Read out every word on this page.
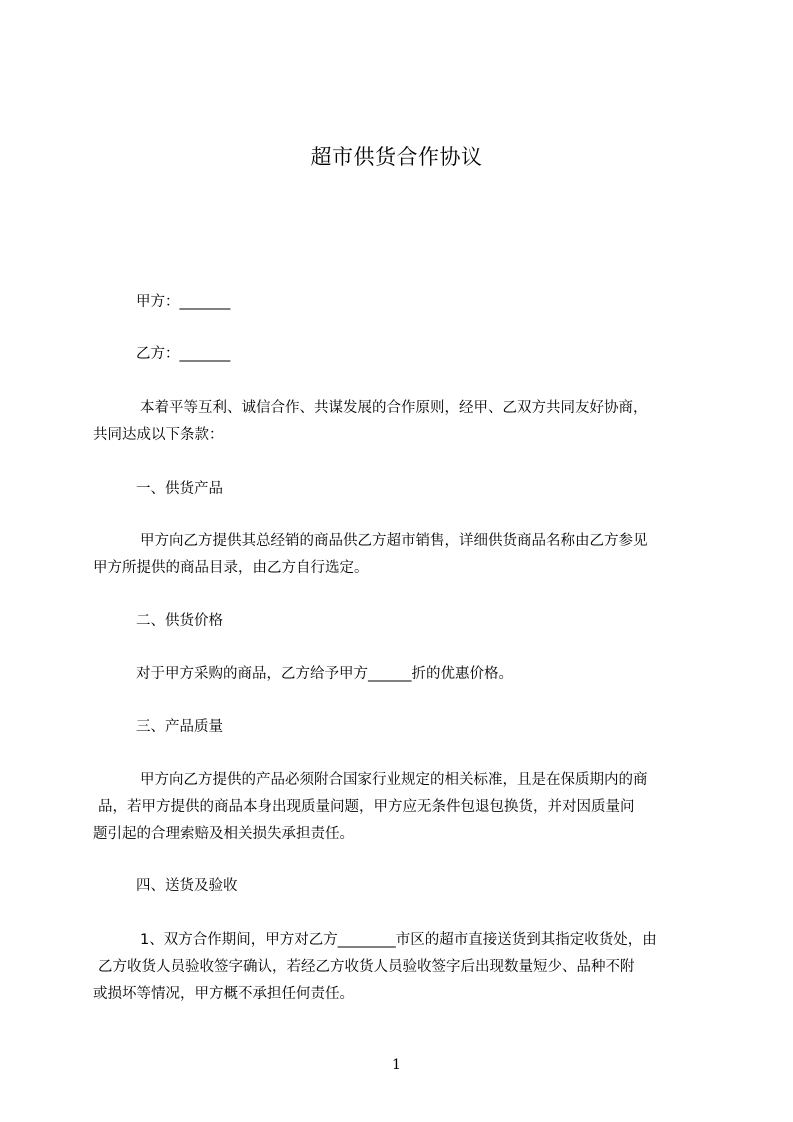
超市供货合作协议
甲方：_______
乙方：_______
本着平等互利、诚信合作、共谋发展的合作原则，经甲、乙双方共同友好协商，
共同达成以下条款：
一、供货产品
甲方向乙方提供其总经销的商品供乙方超市销售，详细供货商品名称由乙方参见
甲方所提供的商品目录，由乙方自行选定。
二、供货价格
对于甲方采购的商品，乙方给予甲方______折的优惠价格。
三、产品质量
甲方向乙方提供的产品必须附合国家行业规定的相关标准，且是在保质期内的商
品，若甲方提供的商品本身出现质量问题，甲方应无条件包退包换货，并对因质量问
题引起的合理索赔及相关损失承担责任。
四、送货及验收
1、双方合作期间，甲方对乙方________市区的超市直接送货到其指定收货处，由
乙方收货人员验收签字确认，若经乙方收货人员验收签字后出现数量短少、品种不附
或损坏等情况，甲方概不承担任何责任。
1
